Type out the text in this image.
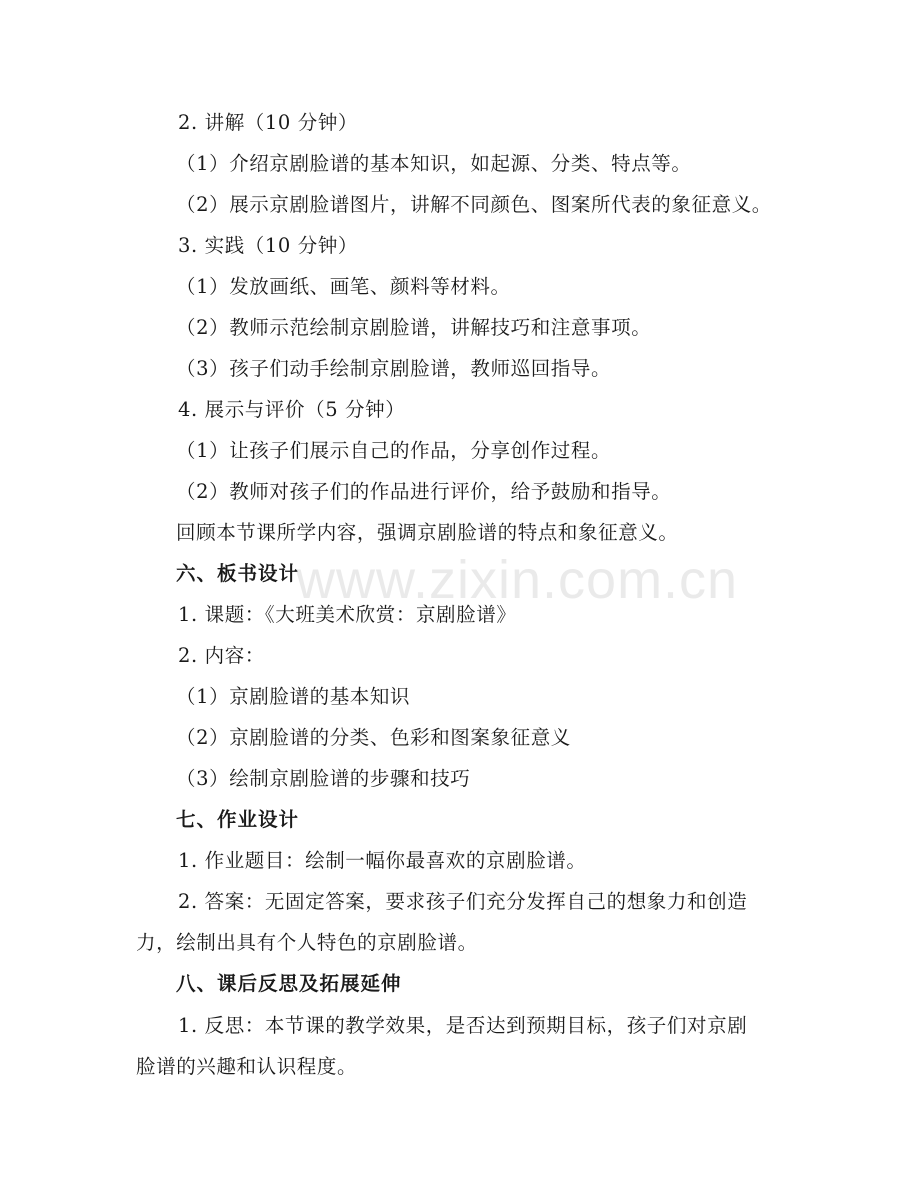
2. 讲解（10 分钟）
（1）介绍京剧脸谱的基本知识，如起源、分类、特点等。
（2）展示京剧脸谱图片，讲解不同颜色、图案所代表的象征意义。
3. 实践（10 分钟）
（1）发放画纸、画笔、颜料等材料。
（2）教师示范绘制京剧脸谱，讲解技巧和注意事项。
（3）孩子们动手绘制京剧脸谱，教师巡回指导。
4. 展示与评价（5 分钟）
（1）让孩子们展示自己的作品，分享创作过程。
（2）教师对孩子们的作品进行评价，给予鼓励和指导。
回顾本节课所学内容，强调京剧脸谱的特点和象征意义。
六、板书设计
1. 课题：《大班美术欣赏：京剧脸谱》
2. 内容：
（1）京剧脸谱的基本知识
（2）京剧脸谱的分类、色彩和图案象征意义
（3）绘制京剧脸谱的步骤和技巧
七、作业设计
1. 作业题目：绘制一幅你最喜欢的京剧脸谱。
2. 答案：无固定答案，要求孩子们充分发挥自己的想象力和创造
力，绘制出具有个人特色的京剧脸谱。
八、课后反思及拓展延伸
1. 反思：本节课的教学效果，是否达到预期目标，孩子们对京剧
脸谱的兴趣和认识程度。
www.zixin.com.cn
